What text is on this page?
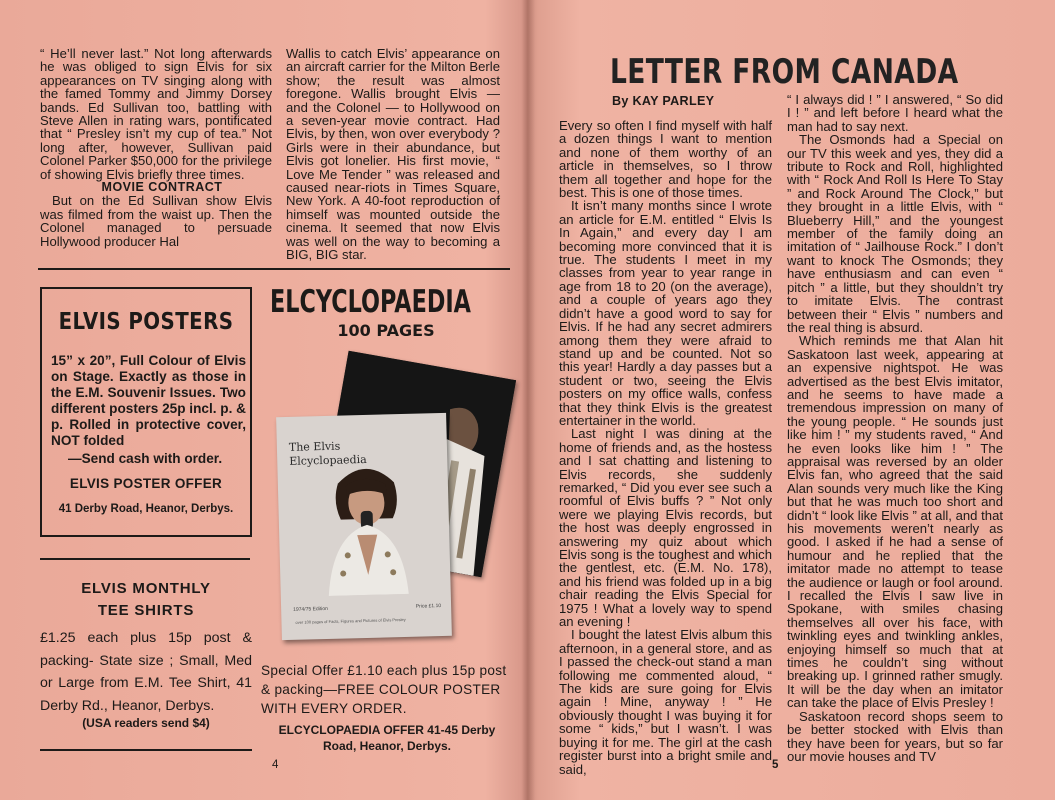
“ He’ll never last.” Not long afterwards he was obliged to sign Elvis for six appearances on TV singing along with the famed Tommy and Jimmy Dorsey bands. Ed Sullivan too, battling with Steve Allen in rating wars, pontificated that “ Presley isn’t my cup of tea.” Not long after, however, Sullivan paid Colonel Parker $50,000 for the privilege of showing Elvis briefly three times.

MOVIE CONTRACT

But on the Ed Sullivan show Elvis was filmed from the waist up. Then the Colonel managed to persuade Hollywood producer Hal

Wallis to catch Elvis’ appearance on an aircraft carrier for the Milton Berle show; the result was almost foregone. Wallis brought Elvis — and the Colonel — to Hollywood on a seven-year movie contract. Had Elvis, by then, won over everybody ? Girls were in their abundance, but Elvis got lonelier. His first movie, “ Love Me Tender ” was released and caused near-riots in Times Square, New York. A 40-foot reproduction of himself was mounted outside the cinema. It seemed that now Elvis was well on the way to becoming a BIG, BIG star.

ELVIS POSTERS
15” x 20”, Full Colour of Elvis on Stage. Exactly as those in the E.M. Souvenir Issues. Two different posters 25p incl. p. & p. Rolled in protective cover, NOT folded
—Send cash with order.
ELVIS POSTER OFFER
41 Derby Road, Heanor, Derbys.
ELVIS MONTHLY
TEE SHIRTS
£1.25 each plus 15p post & packing- State size ; Small, Med or Large from E.M. Tee Shirt, 41 Derby Rd., Heanor, Derbys.
(USA readers send $4)
ELCYCLOPAEDIA
100 PAGES
The Elvis
Elcyclopaedia
1974/75 Edition	Price £1.10
over 100 pages of Facts, Figures and Pictures of Elvis Presley
Special Offer £1.10 each plus 15p post & packing—FREE COLOUR POSTER WITH EVERY ORDER.
ELCYCLOPAEDIA OFFER 41-45 Derby
Road, Heanor, Derbys.
4
LETTER FROM CANADA
By KAY PARLEY

Every so often I find myself with half a dozen things I want to mention and none of them worthy of an article in themselves, so I throw them all together and hope for the best. This is one of those times.

It isn’t many months since I wrote an article for E.M. entitled “ Elvis Is In Again,” and every day I am becoming more convinced that it is true. The students I meet in my classes from year to year range in age from 18 to 20 (on the average), and a couple of years ago they didn’t have a good word to say for Elvis. If he had any secret admirers among them they were afraid to stand up and be counted. Not so this year! Hardly a day passes but a student or two, seeing the Elvis posters on my office walls, confess that they think Elvis is the greatest entertainer in the world.

Last night I was dining at the home of friends and, as the hostess and I sat chatting and listening to Elvis records, she suddenly remarked, “ Did you ever see such a roomful of Elvis buffs ? ” Not only were we playing Elvis records, but the host was deeply engrossed in answering my quiz about which Elvis song is the toughest and which the gentlest, etc. (E.M. No. 178), and his friend was folded up in a big chair reading the Elvis Special for 1975 ! What a lovely way to spend an evening !

I bought the latest Elvis album this afternoon, in a general store, and as I passed the check-out stand a man following me commented aloud, “ The kids are sure going for Elvis again ! Mine, anyway ! ” He obviously thought I was buying it for some “ kids,” but I wasn’t. I was buying it for me. The girl at the cash register burst into a bright smile and said,

“ I always did ! ” I answered, “ So did I ! ” and left before I heard what the man had to say next.

The Osmonds had a Special on our TV this week and yes, they did a tribute to Rock and Roll, highlighted with “ Rock And Roll Is Here To Stay ” and Rock Around The Clock,” but they brought in a little Elvis, with “ Blueberry Hill,” and the youngest member of the family doing an imitation of “ Jailhouse Rock.” I don’t want to knock The Osmonds; they have enthusiasm and can even “ pitch ” a little, but they shouldn’t try to imitate Elvis. The contrast between their “ Elvis ” numbers and the real thing is absurd.

Which reminds me that Alan hit Saskatoon last week, appearing at an expensive nightspot. He was advertised as the best Elvis imitator, and he seems to have made a tremendous impression on many of the young people. “ He sounds just like him ! ” my students raved, “ And he even looks like him ! ” The appraisal was reversed by an older Elvis fan, who agreed that the said Alan sounds very much like the King but that he was much too short and didn’t “ look like Elvis ” at all, and that his movements weren’t nearly as good. I asked if he had a sense of humour and he replied that the imitator made no attempt to tease the audience or laugh or fool around. I recalled the Elvis I saw live in Spokane, with smiles chasing themselves all over his face, with twinkling eyes and twinkling ankles, enjoying himself so much that at times he couldn’t sing without breaking up. I grinned rather smugly. It will be the day when an imitator can take the place of Elvis Presley !

Saskatoon record shops seem to be better stocked with Elvis than they have been for years, but so far our movie houses and TV

5
